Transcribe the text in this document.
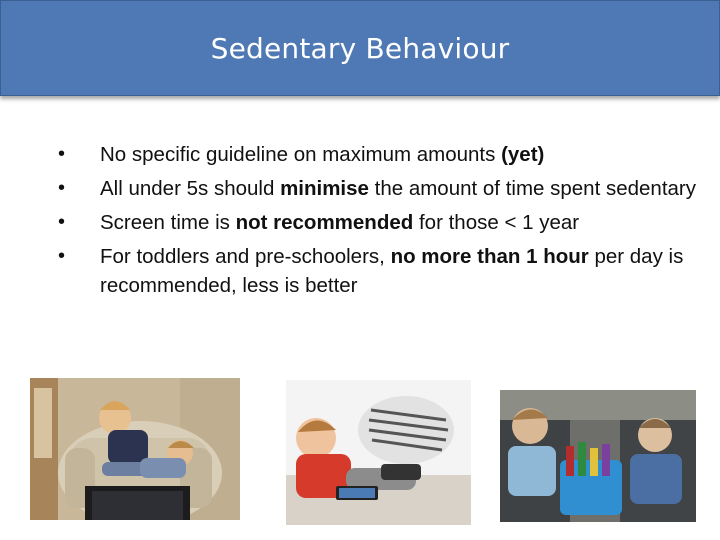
Sedentary Behaviour
• No specific guideline on maximum amounts (yet)
• All under 5s should minimise the amount of time spent sedentary
• Screen time is not recommended for those < 1 year
• For toddlers and pre-schoolers, no more than 1 hour per day is recommended, less is better
